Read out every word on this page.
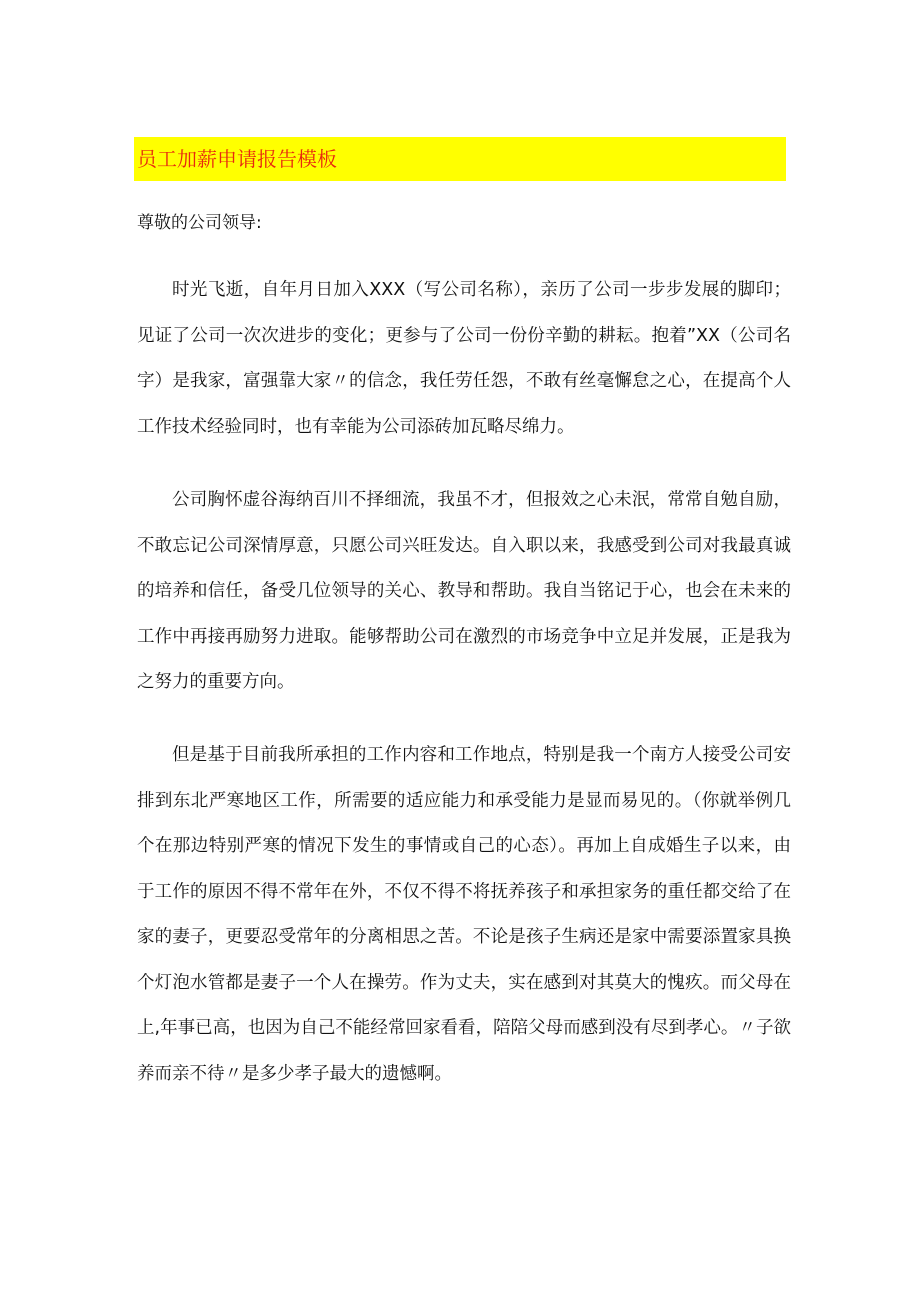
员工加薪申请报告模板
尊敬的公司领导:

时光飞逝，自年月日加入XXX（写公司名称），亲历了公司一步步发展的脚印；见证了公司一次次进步的变化；更参与了公司一份份辛勤的耕耘。抱着”XX（公司名字）是我家，富强靠大家〃的信念，我任劳任怨，不敢有丝毫懈怠之心，在提高个人工作技术经验同时，也有幸能为公司添砖加瓦略尽绵力。

公司胸怀虚谷海纳百川不择细流，我虽不才，但报效之心未泯，常常自勉自励，不敢忘记公司深情厚意，只愿公司兴旺发达。自入职以来，我感受到公司对我最真诚的培养和信任，备受几位领导的关心、教导和帮助。我自当铭记于心，也会在未来的工作中再接再励努力进取。能够帮助公司在激烈的市场竞争中立足并发展，正是我为之努力的重要方向。

但是基于目前我所承担的工作内容和工作地点，特别是我一个南方人接受公司安排到东北严寒地区工作，所需要的适应能力和承受能力是显而易见的。（你就举例几个在那边特别严寒的情况下发生的事情或自己的心态）。再加上自成婚生子以来，由于工作的原因不得不常年在外，不仅不得不将抚养孩子和承担家务的重任都交给了在家的妻子，更要忍受常年的分离相思之苦。不论是孩子生病还是家中需要添置家具换个灯泡水管都是妻子一个人在操劳。作为丈夫，实在感到对其莫大的愧疚。而父母在上,年事已高，也因为自己不能经常回家看看，陪陪父母而感到没有尽到孝心。〃子欲养而亲不待〃是多少孝子最大的遗憾啊。
